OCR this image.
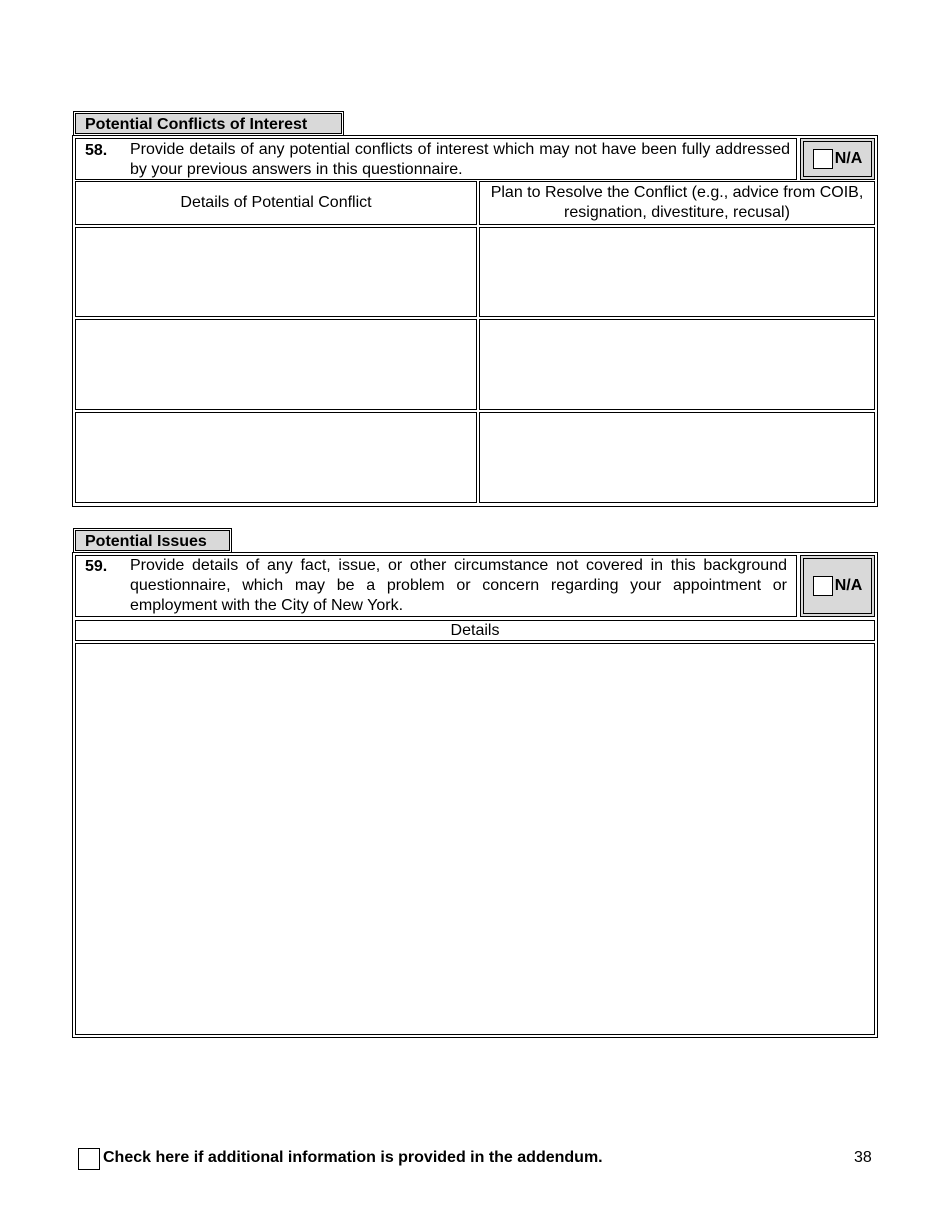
Potential Conflicts of Interest
58. Provide details of any potential conflicts of interest which may not have been fully addressed by your previous answers in this questionnaire.
N/A
Details of Potential Conflict
Plan to Resolve the Conflict (e.g., advice from COIB, resignation, divestiture, recusal)
Potential Issues
59. Provide details of any fact, issue, or other circumstance not covered in this background questionnaire, which may be a problem or concern regarding your appointment or employment with the City of New York.
N/A
Details
Check here if additional information is provided in the addendum.	38
